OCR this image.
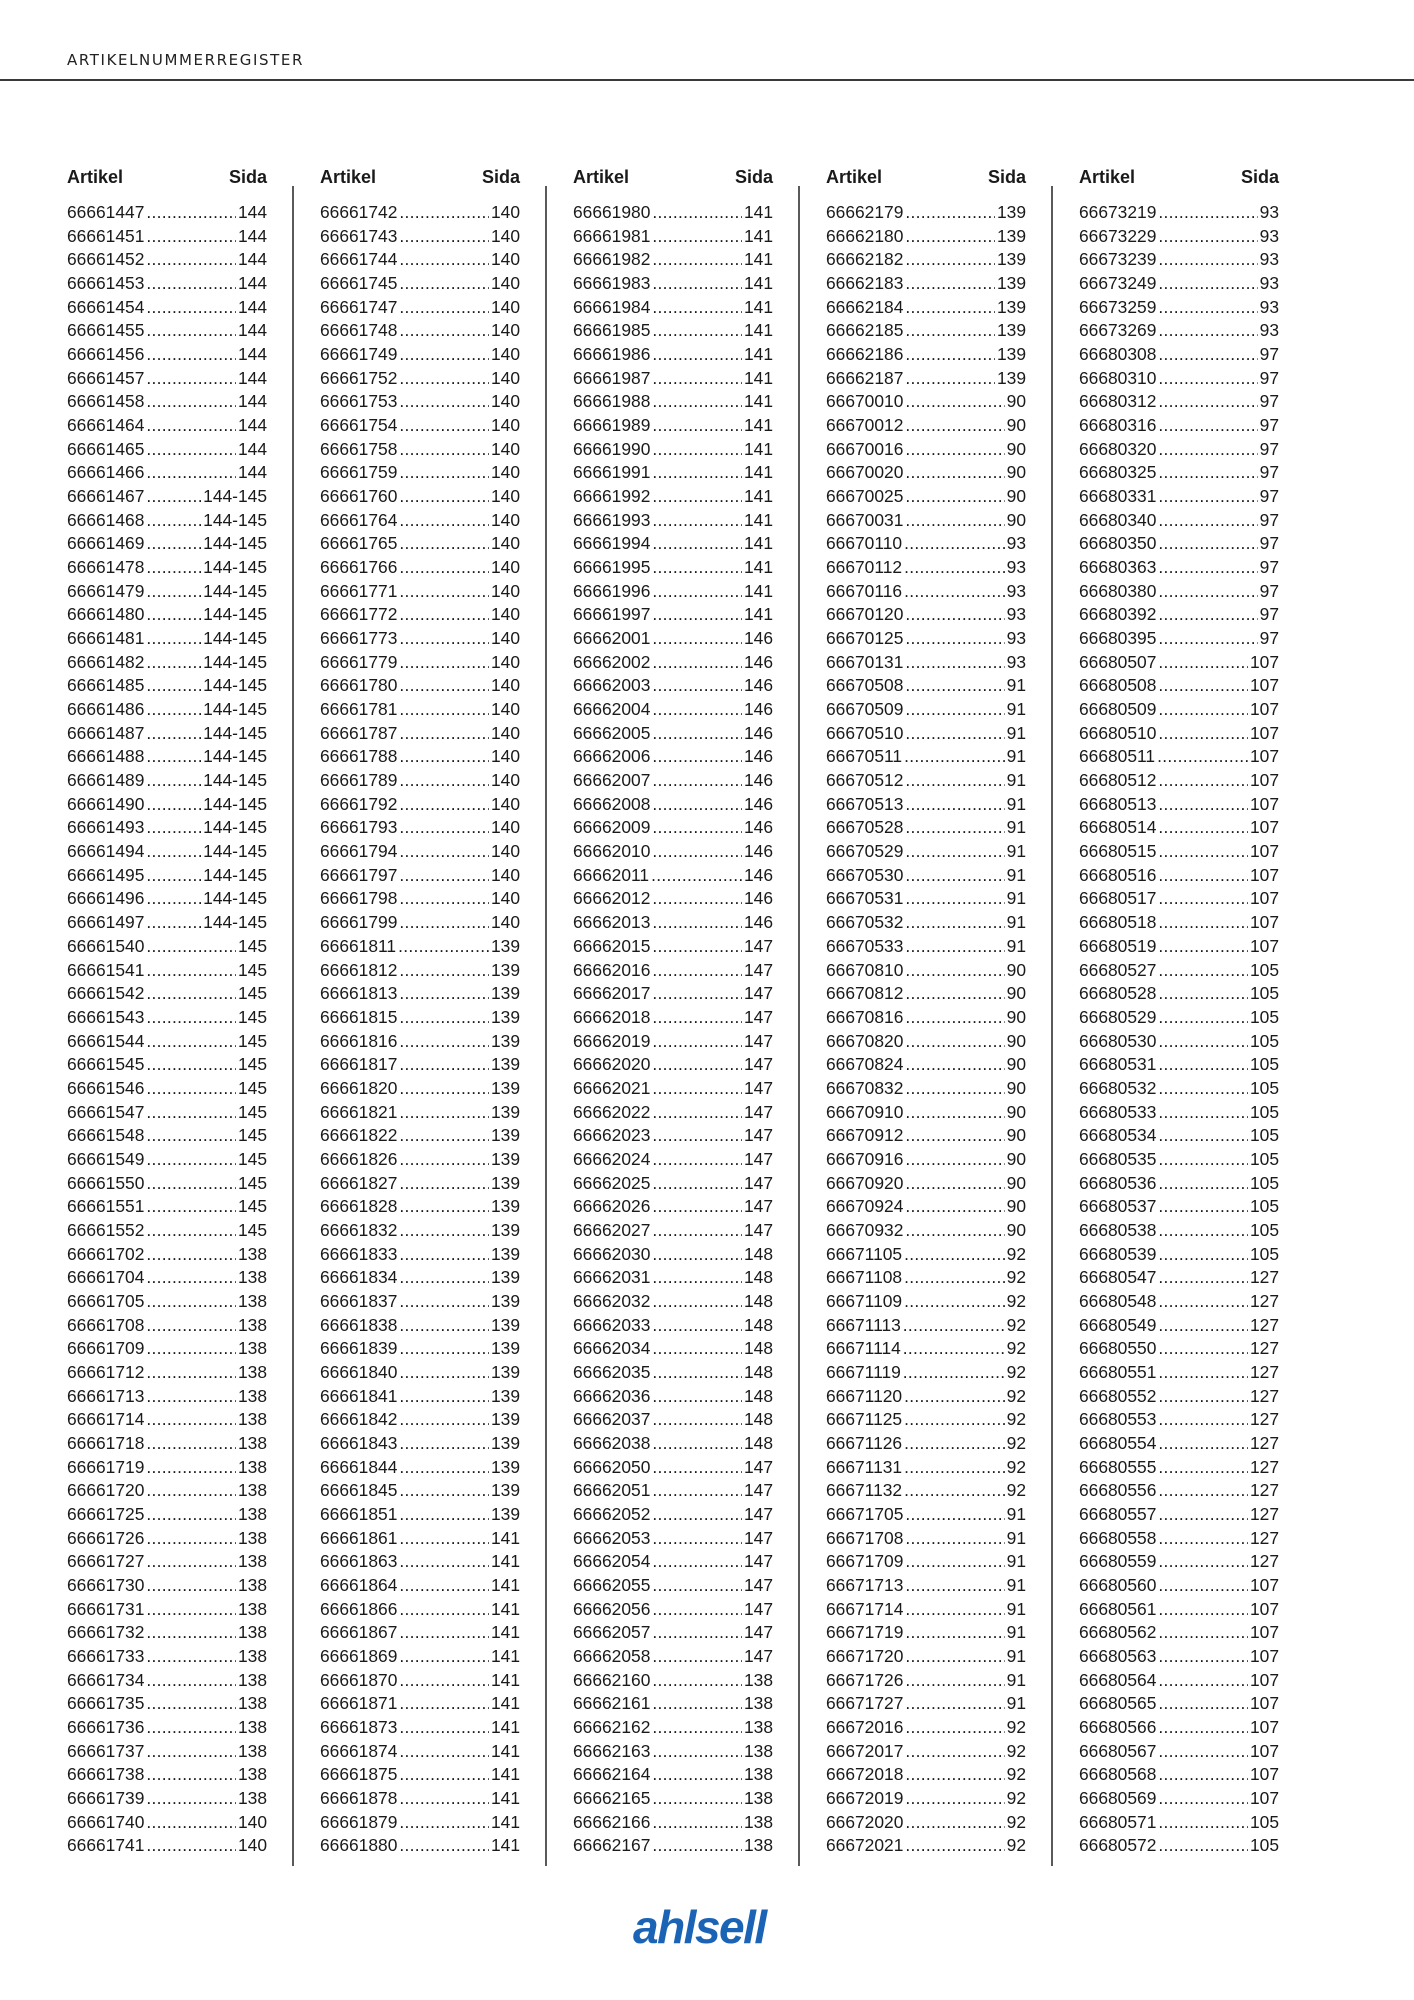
ARTIKELNUMMERREGISTER
Artikel	Sida
66661447 .....	144
66661451 .....	144
66661452 .....	144
66661453 .....	144
66661454 .....	144
66661455 .....	144
66661456 .....	144
66661457 .....	144
66661458 .....	144
66661464 .....	144
66661465 .....	144
66661466 .....	144
66661467 .....	144-145
66661468 .....	144-145
66661469 .....	144-145
66661478 .....	144-145
66661479 .....	144-145
66661480 .....	144-145
66661481 .....	144-145
66661482 .....	144-145
66661485 .....	144-145
66661486 .....	144-145
66661487 .....	144-145
66661488 .....	144-145
66661489 .....	144-145
66661490 .....	144-145
66661493 .....	144-145
66661494 .....	144-145
66661495 .....	144-145
66661496 .....	144-145
66661497 .....	144-145
66661540 .....	145
66661541 .....	145
66661542 .....	145
66661543 .....	145
66661544 .....	145
66661545 .....	145
66661546 .....	145
66661547 .....	145
66661548 .....	145
66661549 .....	145
66661550 .....	145
66661551 .....	145
66661552 .....	145
66661702 .....	138
66661704 .....	138
66661705 .....	138
66661708 .....	138
66661709 .....	138
66661712 .....	138
66661713 .....	138
66661714 .....	138
66661718 .....	138
66661719 .....	138
66661720 .....	138
66661725 .....	138
66661726 .....	138
66661727 .....	138
66661730 .....	138
66661731 .....	138
66661732 .....	138
66661733 .....	138
66661734 .....	138
66661735 .....	138
66661736 .....	138
66661737 .....	138
66661738 .....	138
66661739 .....	138
66661740 .....	140
66661741 .....	140
Artikel	Sida
66661742 .....	140
66661743 .....	140
66661744 .....	140
66661745 .....	140
66661747 .....	140
66661748 .....	140
66661749 .....	140
66661752 .....	140
66661753 .....	140
66661754 .....	140
66661758 .....	140
66661759 .....	140
66661760 .....	140
66661764 .....	140
66661765 .....	140
66661766 .....	140
66661771 .....	140
66661772 .....	140
66661773 .....	140
66661779 .....	140
66661780 .....	140
66661781 .....	140
66661787 .....	140
66661788 .....	140
66661789 .....	140
66661792 .....	140
66661793 .....	140
66661794 .....	140
66661797 .....	140
66661798 .....	140
66661799 .....	140
66661811 .....	139
66661812 .....	139
66661813 .....	139
66661815 .....	139
66661816 .....	139
66661817 .....	139
66661820 .....	139
66661821 .....	139
66661822 .....	139
66661826 .....	139
66661827 .....	139
66661828 .....	139
66661832 .....	139
66661833 .....	139
66661834 .....	139
66661837 .....	139
66661838 .....	139
66661839 .....	139
66661840 .....	139
66661841 .....	139
66661842 .....	139
66661843 .....	139
66661844 .....	139
66661845 .....	139
66661851 .....	139
66661861 .....	141
66661863 .....	141
66661864 .....	141
66661866 .....	141
66661867 .....	141
66661869 .....	141
66661870 .....	141
66661871 .....	141
66661873 .....	141
66661874 .....	141
66661875 .....	141
66661878 .....	141
66661879 .....	141
66661880 .....	141
Artikel	Sida
66661980 .....	141
66661981 .....	141
66661982 .....	141
66661983 .....	141
66661984 .....	141
66661985 .....	141
66661986 .....	141
66661987 .....	141
66661988 .....	141
66661989 .....	141
66661990 .....	141
66661991 .....	141
66661992 .....	141
66661993 .....	141
66661994 .....	141
66661995 .....	141
66661996 .....	141
66661997 .....	141
66662001 .....	146
66662002 .....	146
66662003 .....	146
66662004 .....	146
66662005 .....	146
66662006 .....	146
66662007 .....	146
66662008 .....	146
66662009 .....	146
66662010 .....	146
66662011 .....	146
66662012 .....	146
66662013 .....	146
66662015 .....	147
66662016 .....	147
66662017 .....	147
66662018 .....	147
66662019 .....	147
66662020 .....	147
66662021 .....	147
66662022 .....	147
66662023 .....	147
66662024 .....	147
66662025 .....	147
66662026 .....	147
66662027 .....	147
66662030 .....	148
66662031 .....	148
66662032 .....	148
66662033 .....	148
66662034 .....	148
66662035 .....	148
66662036 .....	148
66662037 .....	148
66662038 .....	148
66662050 .....	147
66662051 .....	147
66662052 .....	147
66662053 .....	147
66662054 .....	147
66662055 .....	147
66662056 .....	147
66662057 .....	147
66662058 .....	147
66662160 .....	138
66662161 .....	138
66662162 .....	138
66662163 .....	138
66662164 .....	138
66662165 .....	138
66662166 .....	138
66662167 .....	138
Artikel	Sida
66662179 .....	139
66662180 .....	139
66662182 .....	139
66662183 .....	139
66662184 .....	139
66662185 .....	139
66662186 .....	139
66662187 .....	139
66670010 .....	90
66670012 .....	90
66670016 .....	90
66670020 .....	90
66670025 .....	90
66670031 .....	90
66670110 .....	93
66670112 .....	93
66670116 .....	93
66670120 .....	93
66670125 .....	93
66670131 .....	93
66670508 .....	91
66670509 .....	91
66670510 .....	91
66670511 .....	91
66670512 .....	91
66670513 .....	91
66670528 .....	91
66670529 .....	91
66670530 .....	91
66670531 .....	91
66670532 .....	91
66670533 .....	91
66670810 .....	90
66670812 .....	90
66670816 .....	90
66670820 .....	90
66670824 .....	90
66670832 .....	90
66670910 .....	90
66670912 .....	90
66670916 .....	90
66670920 .....	90
66670924 .....	90
66670932 .....	90
66671105 .....	92
66671108 .....	92
66671109 .....	92
66671113 .....	92
66671114 .....	92
66671119 .....	92
66671120 .....	92
66671125 .....	92
66671126 .....	92
66671131 .....	92
66671132 .....	92
66671705 .....	91
66671708 .....	91
66671709 .....	91
66671713 .....	91
66671714 .....	91
66671719 .....	91
66671720 .....	91
66671726 .....	91
66671727 .....	91
66672016 .....	92
66672017 .....	92
66672018 .....	92
66672019 .....	92
66672020 .....	92
66672021 .....	92
Artikel	Sida
66673219 .....	93
66673229 .....	93
66673239 .....	93
66673249 .....	93
66673259 .....	93
66673269 .....	93
66680308 .....	97
66680310 .....	97
66680312 .....	97
66680316 .....	97
66680320 .....	97
66680325 .....	97
66680331 .....	97
66680340 .....	97
66680350 .....	97
66680363 .....	97
66680380 .....	97
66680392 .....	97
66680395 .....	97
66680507 .....	107
66680508 .....	107
66680509 .....	107
66680510 .....	107
66680511 .....	107
66680512 .....	107
66680513 .....	107
66680514 .....	107
66680515 .....	107
66680516 .....	107
66680517 .....	107
66680518 .....	107
66680519 .....	107
66680527 .....	105
66680528 .....	105
66680529 .....	105
66680530 .....	105
66680531 .....	105
66680532 .....	105
66680533 .....	105
66680534 .....	105
66680535 .....	105
66680536 .....	105
66680537 .....	105
66680538 .....	105
66680539 .....	105
66680547 .....	127
66680548 .....	127
66680549 .....	127
66680550 .....	127
66680551 .....	127
66680552 .....	127
66680553 .....	127
66680554 .....	127
66680555 .....	127
66680556 .....	127
66680557 .....	127
66680558 .....	127
66680559 .....	127
66680560 .....	107
66680561 .....	107
66680562 .....	107
66680563 .....	107
66680564 .....	107
66680565 .....	107
66680566 .....	107
66680567 .....	107
66680568 .....	107
66680569 .....	107
66680571 .....	105
66680572 .....	105
ahlsell
